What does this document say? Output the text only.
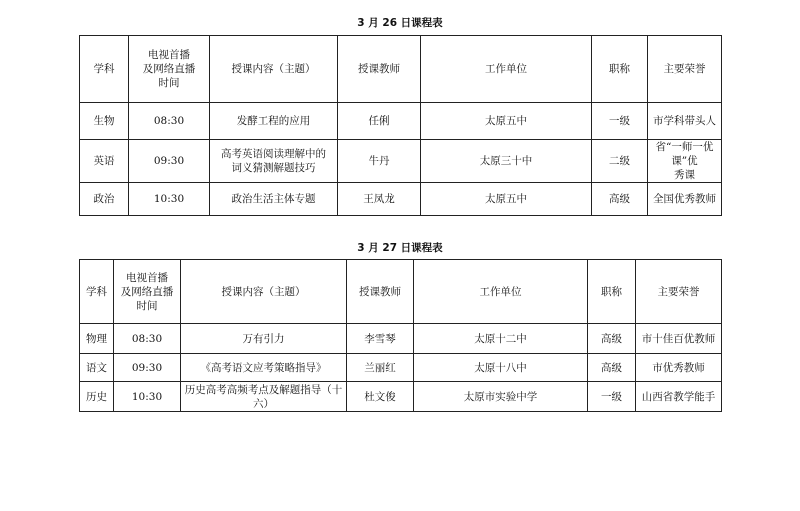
3 月 26 日课程表
学科	电视首播
及网络直播
时间	授课内容（主题）	授课教师	工作单位	职称	主要荣誉
生物	08:30	发酵工程的应用	任俐	太原五中	一级	市学科带头人
英语	09:30	高考英语阅读理解中的
词义猜测解题技巧	牛丹	太原三十中	二级	省“一师一优课”优
秀课
政治	10:30	政治生活主体专题	王凤龙	太原五中	高级	全国优秀教师
3 月 27 日课程表
学科	电视首播
及网络直播
时间	授课内容（主题）	授课教师	工作单位	职称	主要荣誉
物理	08:30	万有引力	李雪琴	太原十二中	高级	市十佳百优教师
语文	09:30	《高考语文应考策略指导》	兰丽红	太原十八中	高级	市优秀教师
历史	10:30	历史高考高频考点及解题指导（十
六）	杜文俊	太原市实验中学	一级	山西省教学能手
